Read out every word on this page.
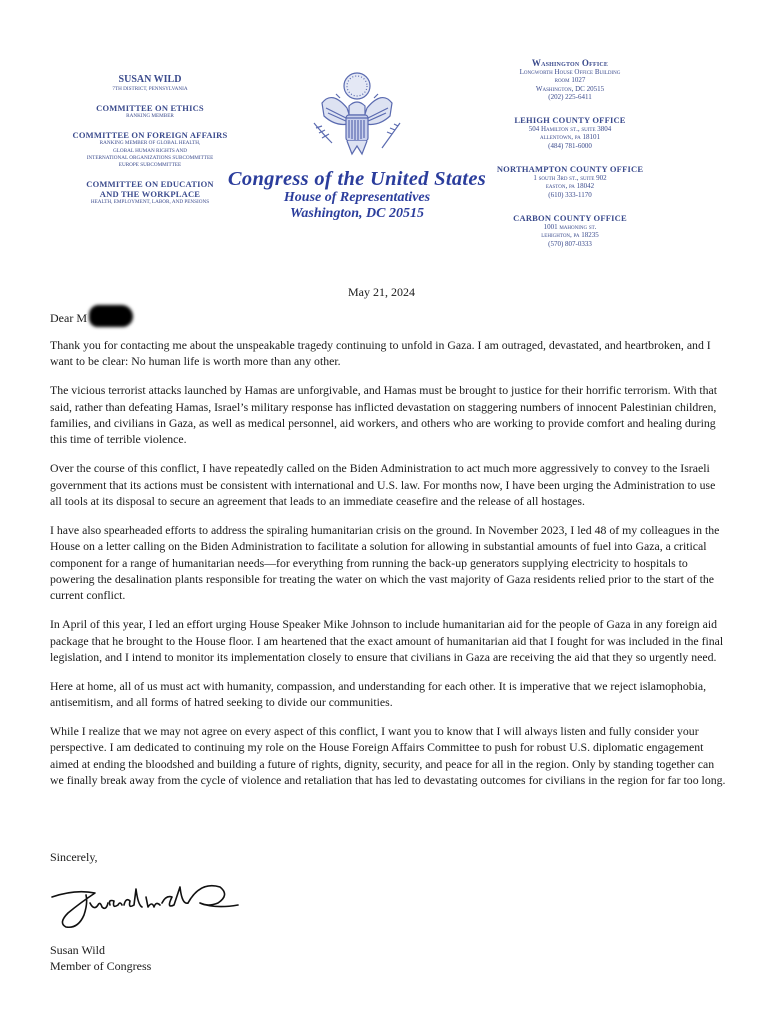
SUSAN WILD
7TH DISTRICT, PENNSYLVANIA
COMMITTEE ON ETHICS
RANKING MEMBER
COMMITTEE ON FOREIGN AFFAIRS
RANKING MEMBER OF GLOBAL HEALTH,
GLOBAL HUMAN RIGHTS AND
INTERNATIONAL ORGANIZATIONS SUBCOMMITTEE
EUROPE SUBCOMMITTEE
COMMITTEE ON EDUCATION
AND THE WORKPLACE
HEALTH, EMPLOYMENT, LABOR, AND PENSIONS
Congress of the United States
House of Representatives
Washington, DC 20515
Washington Office
Longworth House Office Building
room 1027
Washington, DC 20515
(202) 225-6411
LEHIGH COUNTY OFFICE
504 Hamilton st., suite 3804
allentown, pa 18101
(484) 781-6000
NORTHAMPTON COUNTY OFFICE
1 south 3rd st., suite 902
easton, pa 18042
(610) 333-1170
CARBON COUNTY OFFICE
1001 mahoning st.
lehighton, pa 18235
(570) 807-0333
May 21, 2024
Dear M

Thank you for contacting me about the unspeakable tragedy continuing to unfold in Gaza. I am outraged, devastated, and heartbroken, and I want to be clear: No human life is worth more than any other.

The vicious terrorist attacks launched by Hamas are unforgivable, and Hamas must be brought to justice for their horrific terrorism. With that said, rather than defeating Hamas, Israel’s military response has inflicted devastation on staggering numbers of innocent Palestinian children, families, and civilians in Gaza, as well as medical personnel, aid workers, and others who are working to provide comfort and healing during this time of terrible violence.

Over the course of this conflict, I have repeatedly called on the Biden Administration to act much more aggressively to convey to the Israeli government that its actions must be consistent with international and U.S. law. For months now, I have been urging the Administration to use all tools at its disposal to secure an agreement that leads to an immediate ceasefire and the release of all hostages.

I have also spearheaded efforts to address the spiraling humanitarian crisis on the ground. In November 2023, I led 48 of my colleagues in the House on a letter calling on the Biden Administration to facilitate a solution for allowing in substantial amounts of fuel into Gaza, a critical component for a range of humanitarian needs—for everything from running the back-up generators supplying electricity to hospitals to powering the desalination plants responsible for treating the water on which the vast majority of Gaza residents relied prior to the start of the current conflict.

In April of this year, I led an effort urging House Speaker Mike Johnson to include humanitarian aid for the people of Gaza in any foreign aid package that he brought to the House floor. I am heartened that the exact amount of humanitarian aid that I fought for was included in the final legislation, and I intend to monitor its implementation closely to ensure that civilians in Gaza are receiving the aid that they so urgently need.

Here at home, all of us must act with humanity, compassion, and understanding for each other. It is imperative that we reject islamophobia, antisemitism, and all forms of hatred seeking to divide our communities.

While I realize that we may not agree on every aspect of this conflict, I want you to know that I will always listen and fully consider your perspective. I am dedicated to continuing my role on the House Foreign Affairs Committee to push for robust U.S. diplomatic engagement aimed at ending the bloodshed and building a future of rights, dignity, security, and peace for all in the region. Only by standing together can we finally break away from the cycle of violence and retaliation that has led to devastating outcomes for civilians in the region for far too long.

Sincerely,
Susan Wild
Member of Congress
